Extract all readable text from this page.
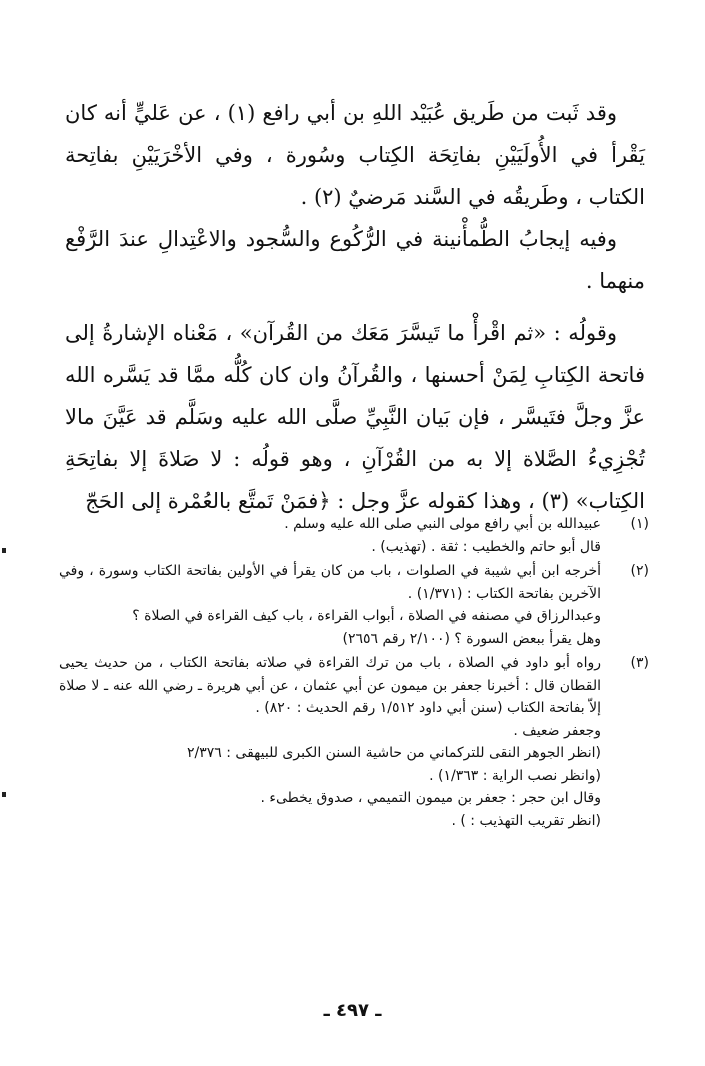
وقد ثَبت من طَريق عُبَيْد اللهِ بن أبي رافع (١) ، عن عَليٍّ أنه كان يَقْرأ في الأُولَيَيْنِ بفاتِحَة الكِتاب وسُورة ، وفي الأخْرَيَيْنِ بفاتِحة الكتاب ، وطَريقُه في السَّند مَرضيٌ (٢) .

وفيه إيجابُ الطُّمأْنينة في الرُّكُوع والسُّجود والاعْتِدالِ عندَ الرَّفْع منهما .

وقولُه : «ثم اقْرأْ ما تَيسَّرَ مَعَك من القُرآن» ، مَعْناه الإشارةُ إلى فاتحة الكِتابِ لِمَنْ أحسنها ، والقُرآنُ وان كان كُلُّه ممَّا قد يَسَّره الله عزَّ وجلَّ فتَيسَّر ، فإن بَيان النَّبِيِّ صلَّى الله عليه وسَلَّم قد عَيَّنَ مالا تُجْزِيءُ الصَّلاة إلا به من القُرْآنِ ، وهو قولُه : لا صَلاةَ إلا بفاتِحَةِ الكِتاب» (٣) ، وهذا كقوله عزَّ وجل : ﴿فمَنْ تَمتَّع بالعُمْرة إلى الحَجّ

(١)
عبيدالله بن أبي رافع مولى النبي صلى الله عليه وسلم .
قال أبو حاتم والخطيب : ثقة . (تهذيب) .
(٢)
أخرجه ابن أبي شيبة في الصلوات ، باب من كان يقرأ في الأولين بفاتحة الكتاب وسورة ، وفي الآخرين بفاتحة الكتاب : (١/٣٧١) .
وعبدالرزاق في مصنفه في الصلاة ، أبواب القراءة ، باب كيف القراءة في الصلاة ؟
وهل يقرأ ببعض السورة ؟ (٢/١٠٠ رقم ٢٦٥٦)
(٣)
رواه أبو داود في الصلاة ، باب من ترك القراءة في صلاته بفاتحة الكتاب ، من حديث يحيى القطان قال : أخبرنا جعفر بن ميمون عن أبي عثمان ، عن أبي هريرة ـ رضي الله عنه ـ لا صلاة إلاّ بفاتحة الكتاب (سنن أبي داود ١/٥١٢ رقم الحديث : ٨٢٠) .
وجعفر ضعيف .
(انظر الجوهر النقى للتركماني من حاشية السنن الكبرى للبيهقى : ٢/٣٧٦
(وانظر نصب الراية : ١/٣٦٣) .
وقال ابن حجر : جعفر بن ميمون التميمي ، صدوق يخطىء .
(انظر تقريب التهذيب : ) .
ـ ٤٩٧ ـ
